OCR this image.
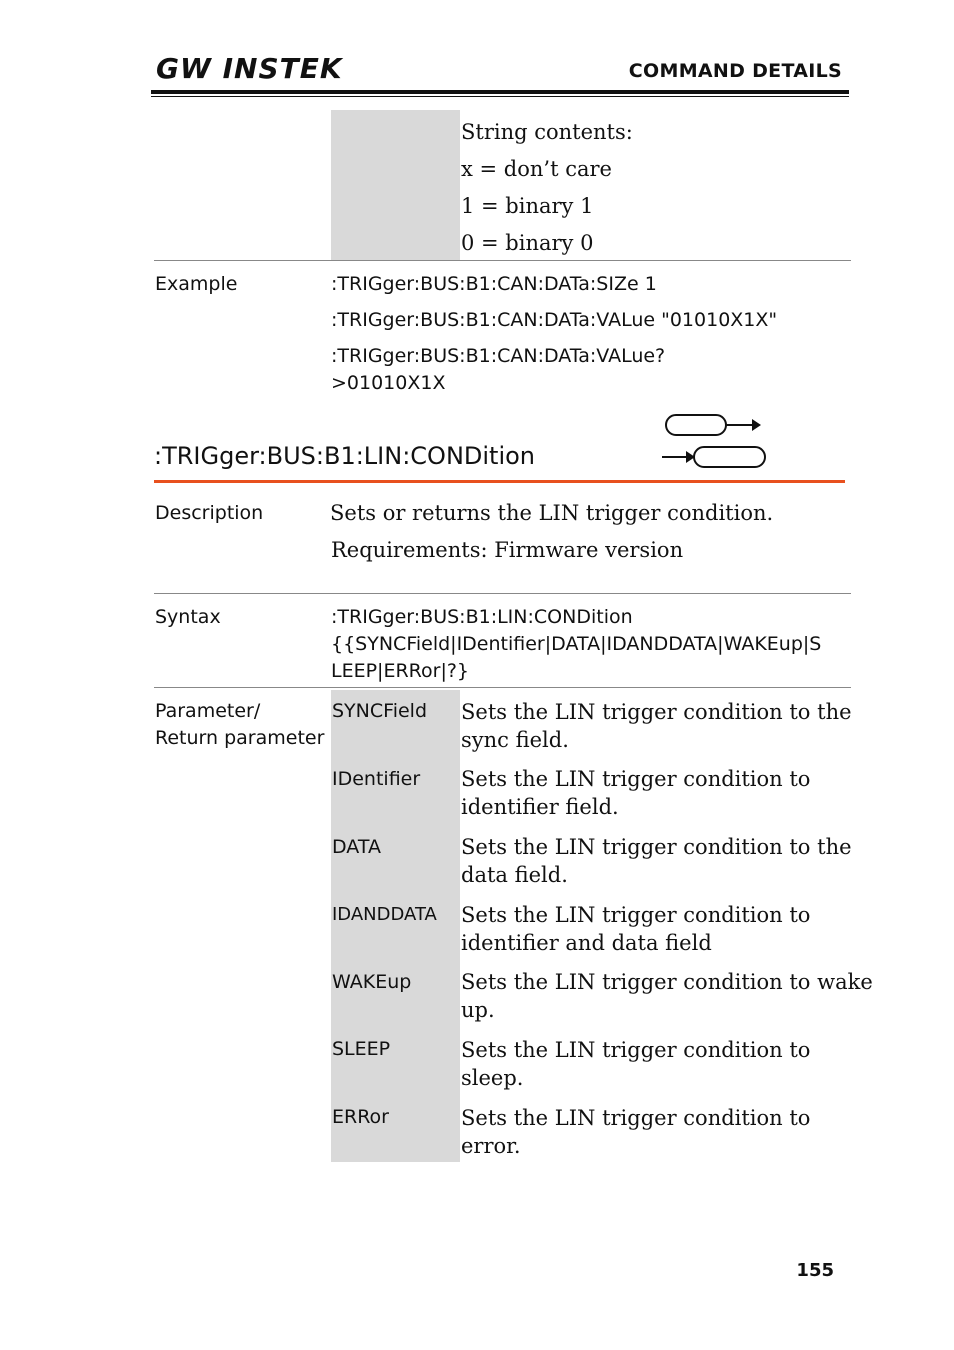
GW INSTEK	COMMAND DETAILS
String contents:
x = don’t care
1 = binary 1
0 = binary 0
Example	:TRIGger:BUS:B1:CAN:DATa:SIZe 1
:TRIGger:BUS:B1:CAN:DATa:VALue "01010X1X"
:TRIGger:BUS:B1:CAN:DATa:VALue?
>01010X1X
:TRIGger:BUS:B1:LIN:CONDition
Description	Sets or returns the LIN trigger condition.
Requirements: Firmware version
Syntax	:TRIGger:BUS:B1:LIN:CONDition
{{SYNCField|IDentifier|DATA|IDANDDATA|WAKEup|S
LEEP|ERRor|?}
Parameter/
Return parameter
SYNCField Sets the LIN trigger condition to the
sync field.
IDentifier Sets the LIN trigger condition to
identifier field.
DATA	Sets the LIN trigger condition to the
data field.
IDANDDATA Sets the LIN trigger condition to
identifier and data field
WAKEup Sets the LIN trigger condition to wake
up.
SLEEP	Sets the LIN trigger condition to
sleep.
ERRor	Sets the LIN trigger condition to
error.
155
